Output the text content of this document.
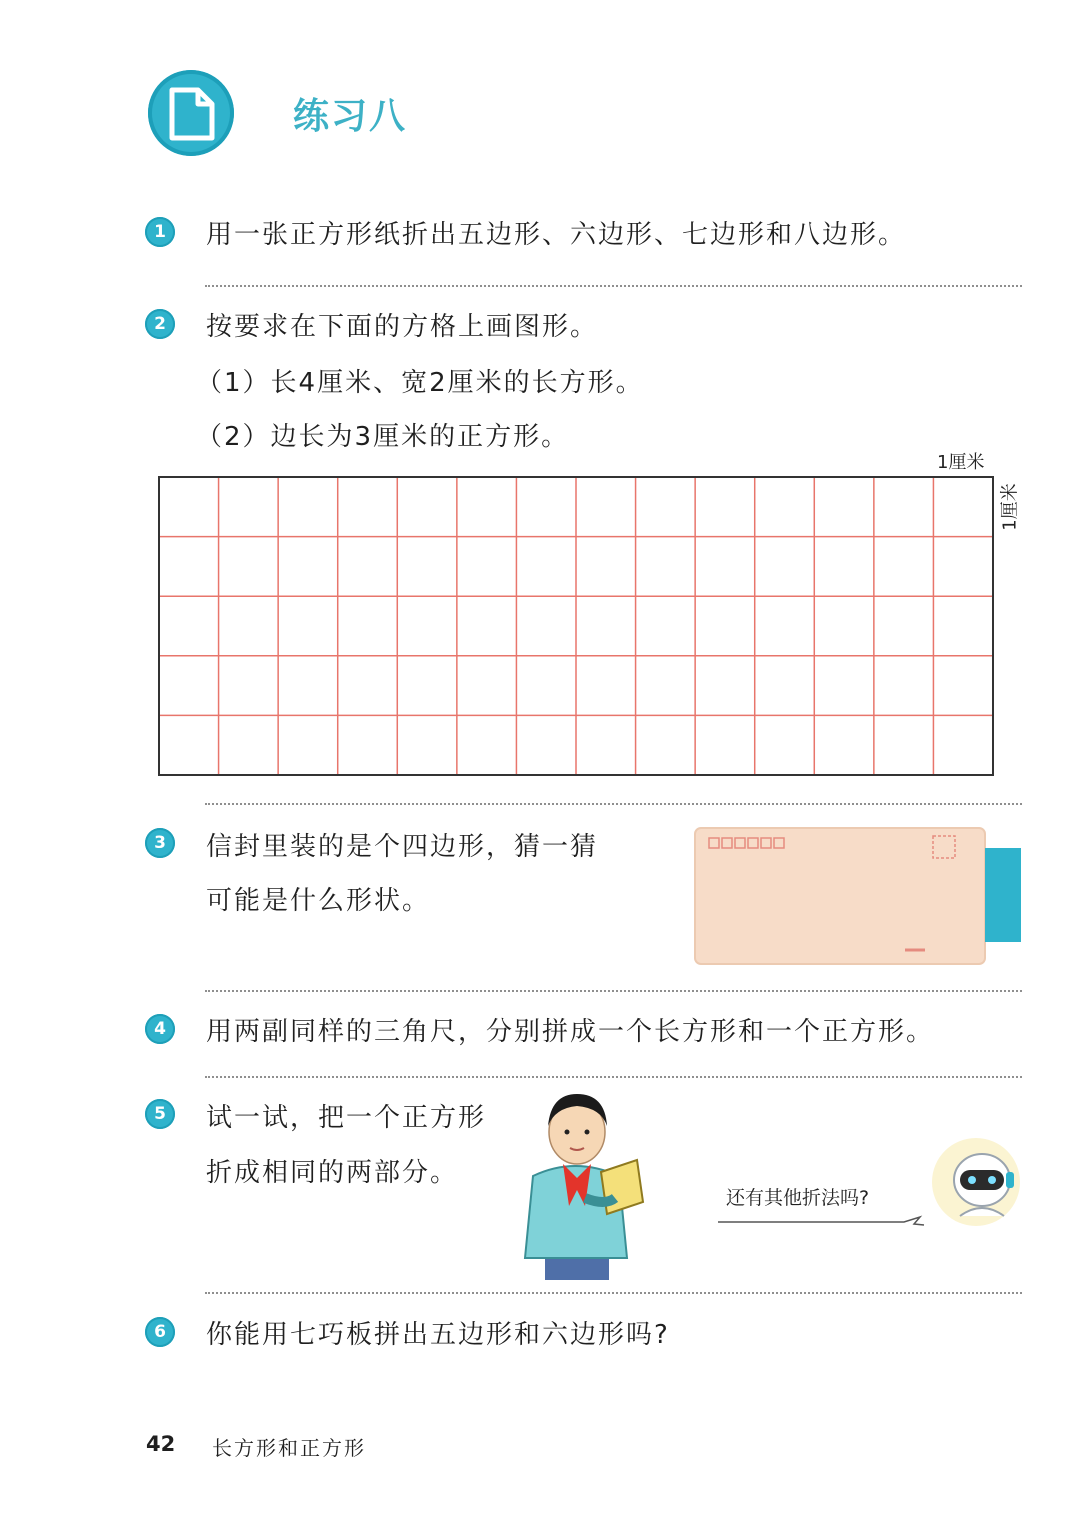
练习八
1	用一张正方形纸折出五边形、六边形、七边形和八边形。
2	按要求在下面的方格上画图形。
（1）长4厘米、宽2厘米的长方形。
（2）边长为3厘米的正方形。
1厘米
1厘米
3	信封里装的是个四边形，猜一猜
可能是什么形状。
4	用两副同样的三角尺，分别拼成一个长方形和一个正方形。
5	试一试，把一个正方形
折成相同的两部分。
还有其他折法吗?
6	你能用七巧板拼出五边形和六边形吗?
42 长方形和正方形
